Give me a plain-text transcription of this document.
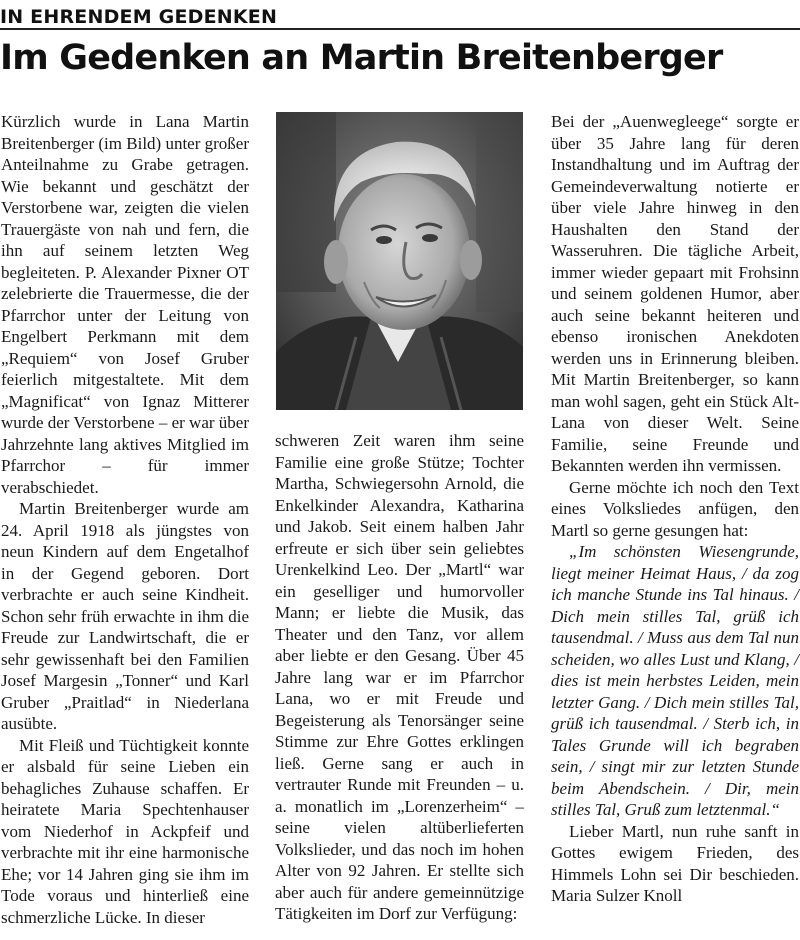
IN EHRENDEM GEDENKEN
Im Gedenken an Martin Breitenberger

Kürzlich wurde in Lana Martin Breitenberger (im Bild) unter großer Anteilnahme zu Grabe getragen. Wie bekannt und geschätzt der Verstorbene war, zeigten die vielen Trauergäste von nah und fern, die ihn auf seinem letzten Weg begleiteten. P. Alexander Pixner OT zelebrierte die Trauermesse, die der Pfarrchor unter der Leitung von Engelbert Perkmann mit dem „Requiem“ von Josef Gruber feierlich mitgestaltete. Mit dem „Magnificat“ von Ignaz Mitterer wurde der Verstorbene – er war über Jahrzehnte lang aktives Mitglied im Pfarrchor – für immer verabschiedet.

Martin Breitenberger wurde am 24. April 1918 als jüngstes von neun Kindern auf dem Engetalhof in der Gegend geboren. Dort verbrachte er auch seine Kindheit. Schon sehr früh erwachte in ihm die Freude zur Landwirtschaft, die er sehr gewissenhaft bei den Familien Josef Margesin „Tonner“ und Karl Gruber „Praitlad“ in Niederlana ausübte.

Mit Fleiß und Tüchtigkeit konnte er alsbald für seine Lieben ein behagliches Zuhause schaffen. Er heiratete Maria Spechtenhauser vom Niederhof in Ackpfeif und verbrachte mit ihr eine harmonische Ehe; vor 14 Jahren ging sie ihm im Tode voraus und hinterließ eine schmerzliche Lücke. In dieser

schweren Zeit waren ihm seine Familie eine große Stütze; Tochter Martha, Schwiegersohn Arnold, die Enkelkinder Alexandra, Katharina und Jakob. Seit einem halben Jahr erfreute er sich über sein geliebtes Urenkelkind Leo. Der „Martl“ war ein geselliger und humorvoller Mann; er liebte die Musik, das Theater und den Tanz, vor allem aber liebte er den Gesang. Über 45 Jahre lang war er im Pfarrchor Lana, wo er mit Freude und Begeisterung als Tenorsänger seine Stimme zur Ehre Gottes erklingen ließ. Gerne sang er auch in vertrauter Runde mit Freunden – u. a. monatlich im „Lorenzerheim“ – seine vielen altüberlieferten Volkslieder, und das noch im hohen Alter von 92 Jahren. Er stellte sich aber auch für andere gemeinnützige Tätigkeiten im Dorf zur Verfügung:

Bei der „Auenwegleege“ sorgte er über 35 Jahre lang für deren Instandhaltung und im Auftrag der Gemeindeverwaltung notierte er über viele Jahre hinweg in den Haushalten den Stand der Wasseruhren. Die tägliche Arbeit, immer wieder gepaart mit Frohsinn und seinem goldenen Humor, aber auch seine bekannt heiteren und ebenso ironischen Anekdoten werden uns in Erinnerung bleiben. Mit Martin Breitenberger, so kann man wohl sagen, geht ein Stück Alt-Lana von dieser Welt. Seine Familie, seine Freunde und Bekannten werden ihn vermissen.

Gerne möchte ich noch den Text eines Volksliedes anfügen, den Martl so gerne gesungen hat:

„Im schönsten Wiesengrunde, liegt meiner Heimat Haus, / da zog ich manche Stunde ins Tal hinaus. / Dich mein stilles Tal, grüß ich tausendmal. / Muss aus dem Tal nun scheiden, wo alles Lust und Klang, / dies ist mein herbstes Leiden, mein letzter Gang. / Dich mein stilles Tal, grüß ich tausendmal. / Sterb ich, in Tales Grunde will ich begraben sein, / singt mir zur letzten Stunde beim Abendschein. / Dir, mein stilles Tal, Gruß zum letztenmal.“

Lieber Martl, nun ruhe sanft in Gottes ewigem Frieden, des Himmels Lohn sei Dir beschieden. Maria Sulzer Knoll
